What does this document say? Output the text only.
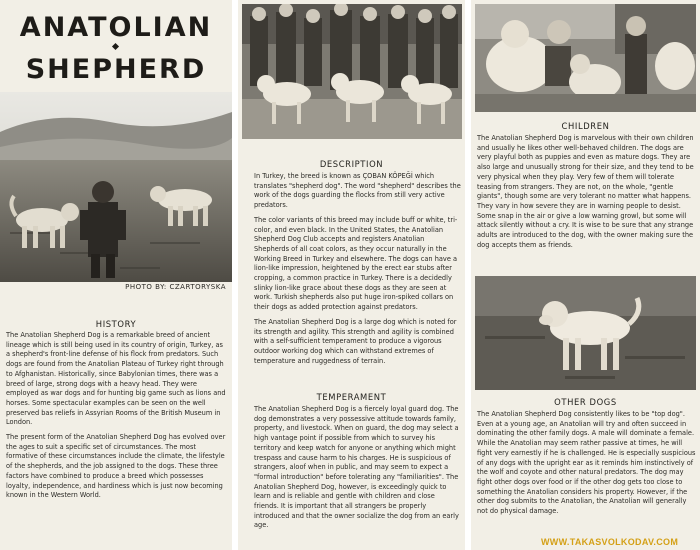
ANATOLIAN
SHEPHERD
PHOTO BY: CZARTORYSKA
HISTORY

The Anatolian Shepherd Dog is a remarkable breed of ancient lineage which is still being used in its country of origin, Turkey, as a shepherd's front-line defense of his flock from predators. Such dogs are found from the Anatolian Plateau of Turkey right through to Afghanistan. Historically, since Babylonian times, there was a breed of large, strong dogs with a heavy head. They were employed as war dogs and for hunting big game such as lions and horses. Some spectacular examples can be seen on the well preserved bas reliefs in Assyrian Rooms of the British Museum in London.

The present form of the Anatolian Shepherd Dog has evolved over the ages to suit a specific set of circumstances. The most formative of these circumstances include the climate, the lifestyle of the shepherds, and the job assigned to the dogs. These three factors have combined to produce a breed which possesses loyalty, independence, and hardiness which is just now becoming known in the Western World.

DESCRIPTION

In Turkey, the breed is known as ÇOBAN KÖPEĞİ which translates "shepherd dog". The word "shepherd" describes the work of the dogs guarding the flocks from still very active predators.

The color variants of this breed may include buff or white, tri-color, and even black. In the United States, the Anatolian Shepherd Dog Club accepts and registers Anatolian Shepherds of all coat colors, as they occur naturally in the Working Breed in Turkey and elsewhere. The dogs can have a lion-like impression, heightened by the erect ear stubs after cropping, a common practice in Turkey. There is a decidedly slinky lion-like grace about these dogs as they are seen at work. Turkish shepherds also put huge iron-spiked collars on their dogs as added protection against predators.

The Anatolian Shepherd Dog is a large dog which is noted for its strength and agility. This strength and agility is combined with a self-sufficient temperament to produce a vigorous outdoor working dog which can withstand extremes of temperature and ruggedness of terrain.

TEMPERAMENT

The Anatolian Shepherd Dog is a fiercely loyal guard dog. The dog demonstrates a very possessive attitude towards family, property, and livestock. When on guard, the dog may select a high vantage point if possible from which to survey his territory and keep watch for anyone or anything which might trespass and cause harm to his charges. He is suspicious of strangers, aloof when in public, and may seem to expect a "formal introduction" before tolerating any "familiarities". The Anatolian Shepherd Dog, however, is exceedingly quick to learn and is reliable and gentle with children and close friends. It is important that all strangers be properly introduced and that the owner socialize the dog from an early age.

CHILDREN

The Anatolian Shepherd Dog is marvelous with their own children and usually he likes other well-behaved children. The dogs are very playful both as puppies and even as mature dogs. They are also large and unusually strong for their size, and they tend to be very physical when they play. Very few of them will tolerate teasing from strangers. They are not, on the whole, "gentle giants", though some are very tolerant no matter what happens. They vary in how severe they are in warning people to desist. Some snap in the air or give a low warning growl, but some will attack silently without a cry. It is wise to be sure that any strange adults are introduced to the dog, with the owner making sure the dog accepts them as friends.

OTHER DOGS

The Anatolian Shepherd Dog consistently likes to be "top dog". Even at a young age, an Anatolian will try and often succeed in dominating the other family dogs. A male will dominate a female. While the Anatolian may seem rather passive at times, he will fight very earnestly if he is challenged. He is especially suspicious of any dogs with the upright ear as it reminds him instinctively of the wolf and coyote and other natural predators. The dog may fight other dogs over food or if the other dog gets too close to something the Anatolian considers his property. However, if the other dog submits to the Anatolian, the Anatolian will generally not do physical damage.

WWW.TAKASVOLKODAV.COM
